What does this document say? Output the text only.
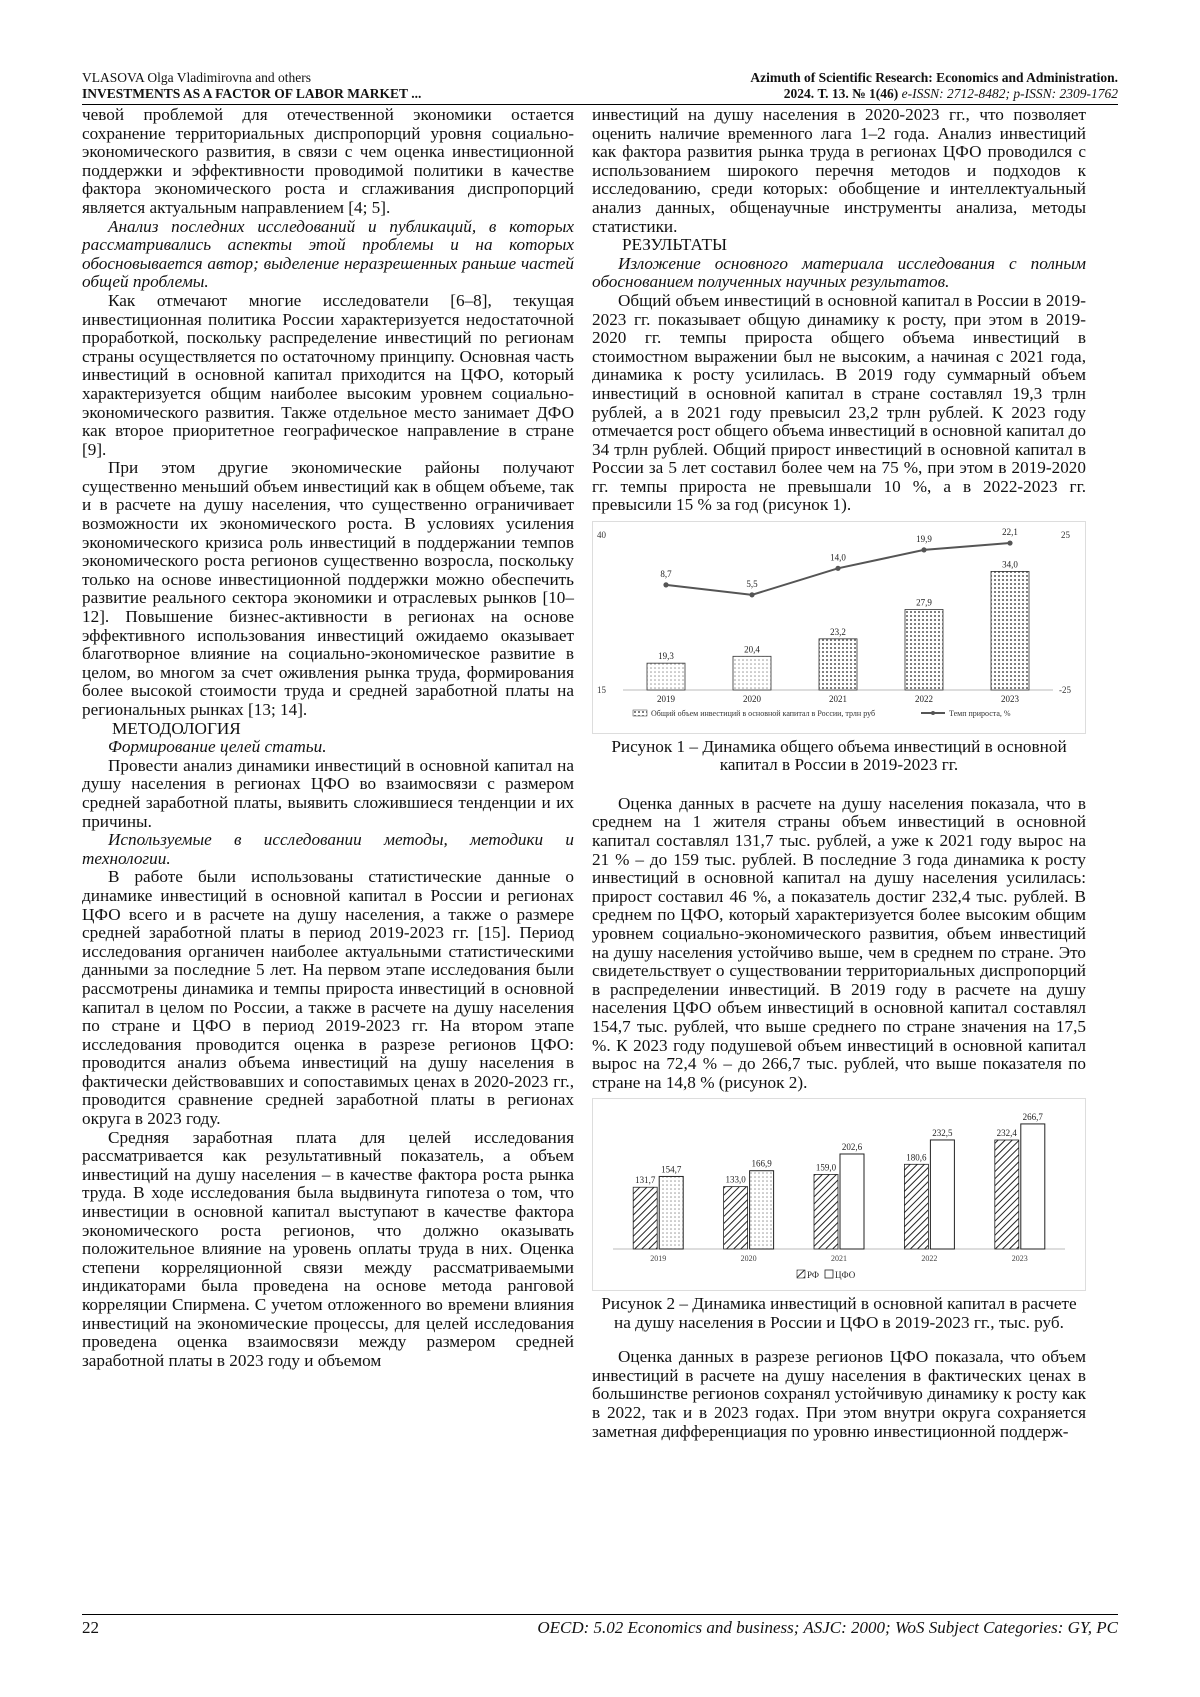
VLASOVA Olga Vladimirovna and others
INVESTMENTS AS A FACTOR OF LABOR MARKET ...
Azimuth of Scientific Research: Economics and Administration.
2024. Т. 13. № 1(46) e-ISSN: 2712-8482; p-ISSN: 2309-1762

чевой проблемой для отечественной экономики остается сохранение территориальных диспропорций уровня социально-экономического развития, в связи с чем оценка инвестиционной поддержки и эффективности проводимой политики в качестве фактора экономического роста и сглаживания диспропорций является актуальным направлением [4; 5].

Анализ последних исследований и публикаций, в которых рассматривались аспекты этой проблемы и на которых обосновывается автор; выделение неразрешенных раньше частей общей проблемы.

Как отмечают многие исследователи [6–8], текущая инвестиционная политика России характеризуется недостаточной проработкой, поскольку распределение инвестиций по регионам страны осуществляется по остаточному принципу. Основная часть инвестиций в основной капитал приходится на ЦФО, который характеризуется общим наиболее высоким уровнем социально-экономического развития. Также отдельное место занимает ДФО как второе приоритетное географическое направление в стране [9].

При этом другие экономические районы получают существенно меньший объем инвестиций как в общем объеме, так и в расчете на душу населения, что существенно ограничивает возможности их экономического роста. В условиях усиления экономического кризиса роль инвестиций в поддержании темпов экономического роста регионов существенно возросла, поскольку только на основе инвестиционной поддержки можно обеспечить развитие реального сектора экономики и отраслевых рынков [10–12]. Повышение бизнес-активности в регионах на основе эффективного использования инвестиций ожидаемо оказывает благотворное влияние на социально-экономическое развитие в целом, во многом за счет оживления рынка труда, формирования более высокой стоимости труда и средней заработной платы на региональных рынках [13; 14].

МЕТОДОЛОГИЯ

Формирование целей статьи.

Провести анализ динамики инвестиций в основной капитал на душу населения в регионах ЦФО во взаимосвязи с размером средней заработной платы, выявить сложившиеся тенденции и их причины.

Используемые в исследовании методы, методики и технологии.

В работе были использованы статистические данные о динамике инвестиций в основной капитал в России и регионах ЦФО всего и в расчете на душу населения, а также о размере средней заработной платы в период 2019-2023 гг. [15]. Период исследования органичен наиболее актуальными статистическими данными за последние 5 лет. На первом этапе исследования были рассмотрены динамика и темпы прироста инвестиций в основной капитал в целом по России, а также в расчете на душу населения по стране и ЦФО в период 2019-2023 гг. На втором этапе исследования проводится оценка в разрезе регионов ЦФО: проводится анализ объема инвестиций на душу населения в фактически действовавших и сопоставимых ценах в 2020-2023 гг., проводится сравнение средней заработной платы в регионах округа в 2023 году.

Средняя заработная плата для целей исследования рассматривается как результативный показатель, а объем инвестиций на душу населения – в качестве фактора роста рынка труда. В ходе исследования была выдвинута гипотеза о том, что инвестиции в основной капитал выступают в качестве фактора экономического роста регионов, что должно оказывать положительное влияние на уровень оплаты труда в них. Оценка степени корреляционной связи между рассматриваемыми индикаторами была проведена на основе метода ранговой корреляции Спирмена. С учетом отложенного во времени влияния инвестиций на экономические процессы, для целей исследования проведена оценка взаимосвязи между размером средней заработной платы в 2023 году и объемом

инвестиций на душу населения в 2020-2023 гг., что позволяет оценить наличие временного лага 1–2 года. Анализ инвестиций как фактора развития рынка труда в регионах ЦФО проводился с использованием широкого перечня методов и подходов к исследованию, среди которых: обобщение и интеллектуальный анализ данных, общенаучные инструменты анализа, методы статистики.

РЕЗУЛЬТАТЫ

Изложение основного материала исследования с полным обоснованием полученных научных результатов.

Общий объем инвестиций в основной капитал в России в 2019-2023 гг. показывает общую динамику к росту, при этом в 2019-2020 гг. темпы прироста общего объема инвестиций в стоимостном выражении был не высоким, а начиная с 2021 года, динамика к росту усилилась. В 2019 году суммарный объем инвестиций в основной капитал в стране составлял 19,3 трлн рублей, а в 2021 году превысил 23,2 трлн рублей. К 2023 году отмечается рост общего объема инвестиций в основной капитал до 34 трлн рублей. Общий прирост инвестиций в основной капитал в России за 5 лет составил более чем на 75 %, при этом в 2019-2020 гг. темпы прироста не превышали 10 %, а в 2022-2023 гг. превысили 15 % за год (рисунок 1).

40
15
25
-25
19,3
2019
8,7
20,4
2020
5,5
23,2
2021
14,0
27,9
2022
19,9
34,0
2023
22,1
Общий объем инвестиций в основной капитал в России, трлн руб	Темп прироста, %

Рисунок 1 – Динамика общего объема инвестиций в основной капитал в России в 2019-2023 гг.

Оценка данных в расчете на душу населения показала, что в среднем на 1 жителя страны объем инвестиций в основной капитал составлял 131,7 тыс. рублей, а уже к 2021 году вырос на 21 % – до 159 тыс. рублей. В последние 3 года динамика к росту инвестиций в основной капитал на душу населения усилилась: прирост составил 46 %, а показатель достиг 232,4 тыс. рублей. В среднем по ЦФО, который характеризуется более высоким общим уровнем социально-экономического развития, объем инвестиций на душу населения устойчиво выше, чем в среднем по стране. Это свидетельствует о существовании территориальных диспропорций в распределении инвестиций. В 2019 году в расчете на душу населения ЦФО объем инвестиций в основной капитал составлял 154,7 тыс. рублей, что выше среднего по стране значения на 17,5 %. К 2023 году подушевой объем инвестиций в основной капитал вырос на 72,4 % – до 266,7 тыс. рублей, что выше показателя по стране на 14,8 % (рисунок 2).

131,7
154,7
2019
133,0
166,9
2020
159,0
202,6
2021
180,6
232,5
2022
232,4
266,7
2023
РФ ЦФО

Рисунок 2 – Динамика инвестиций в основной капитал в расчете на душу населения в России и ЦФО в 2019-2023 гг., тыс. руб.

Оценка данных в разрезе регионов ЦФО показала, что объем инвестиций в расчете на душу населения в фактических ценах в большинстве регионов сохранял устойчивую динамику к росту как в 2022, так и в 2023 годах. При этом внутри округа сохраняется заметная дифференциация по уровню инвестиционной поддерж-

22	OECD: 5.02 Economics and business; ASJC: 2000; WoS Subject Categories: GY, PC
